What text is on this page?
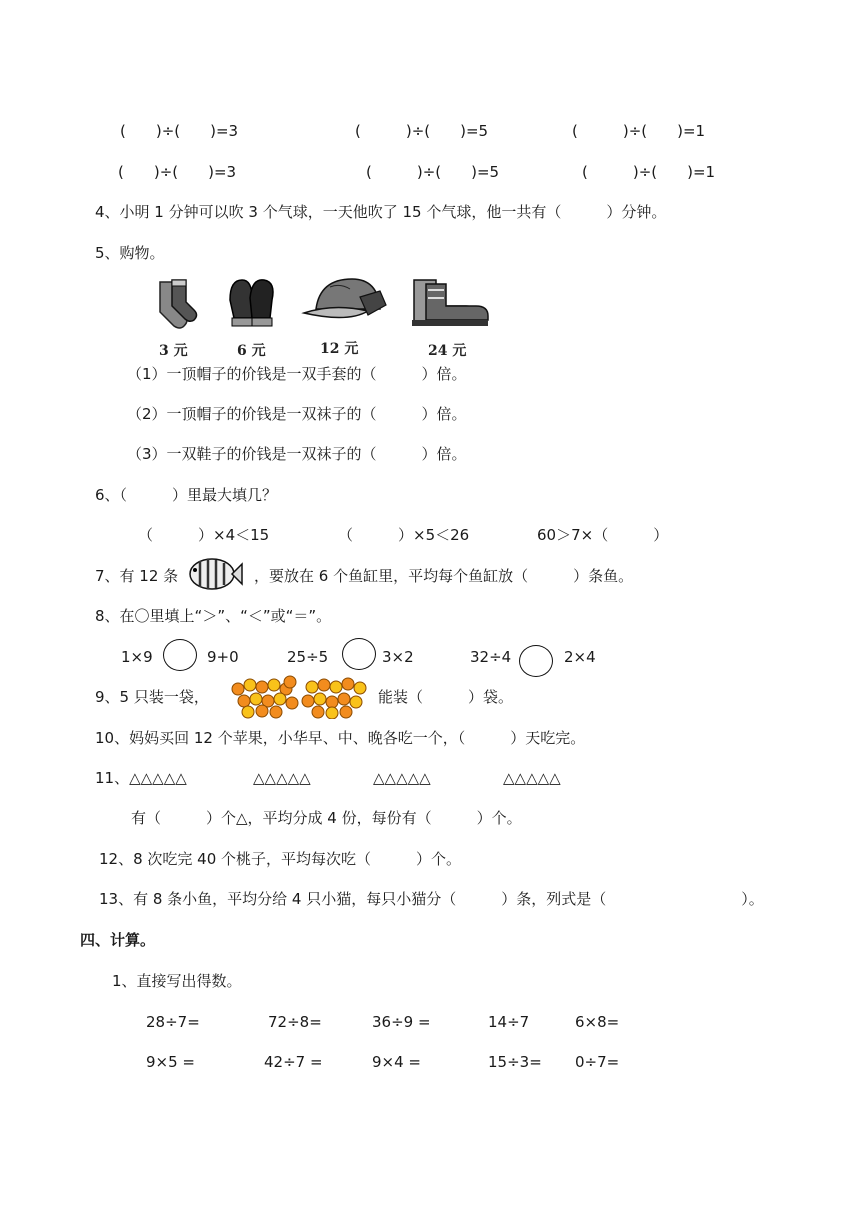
(　　)÷(　　)=3	(　　　)÷(　　)=5	(　　　)÷(　　)=1
(　　)÷(　　)=3	(　　　)÷(　　)=5	(　　　)÷(　　)=1
4、小明 1 分钟可以吹 3 个气球，一天他吹了 15 个气球，他一共有（　　　）分钟。
5、购物。
3 元	6 元	12 元	24 元
（1）一顶帽子的价钱是一双手套的（　　　）倍。
（2）一顶帽子的价钱是一双袜子的（　　　）倍。
（3）一双鞋子的价钱是一双袜子的（　　　）倍。
6、（　　　）里最大填几？
（　　　）×4＜15	（　　　）×5＜26	60＞7×（　　　）
7、有 12 条	，要放在 6 个鱼缸里，平均每个鱼缸放（　　　）条鱼。
8、在〇里填上“＞”、“＜”或“＝”。
1×9	9+0	25÷5	3×2	32÷4	2×4
9、5 只装一袋，	能装（　　　）袋。
10、妈妈买回 12 个苹果，小华早、中、晚各吃一个，（　　　）天吃完。
11、△△△△△	△△△△△	△△△△△	△△△△△
有（　　　）个△，平均分成 4 份，每份有（　　　）个。
12、8 次吃完 40 个桃子，平均每次吃（　　　）个。
13、有 8 条小鱼，平均分给 4 只小猫，每只小猫分（　　　）条，列式是（　　　　　　　　　）。
四、计算。
1、直接写出得数。
28÷7=	72÷8=	36÷9 =	14÷7	6×8=
9×5 =	42÷7 =	9×4 =	15÷3= 0÷7=
